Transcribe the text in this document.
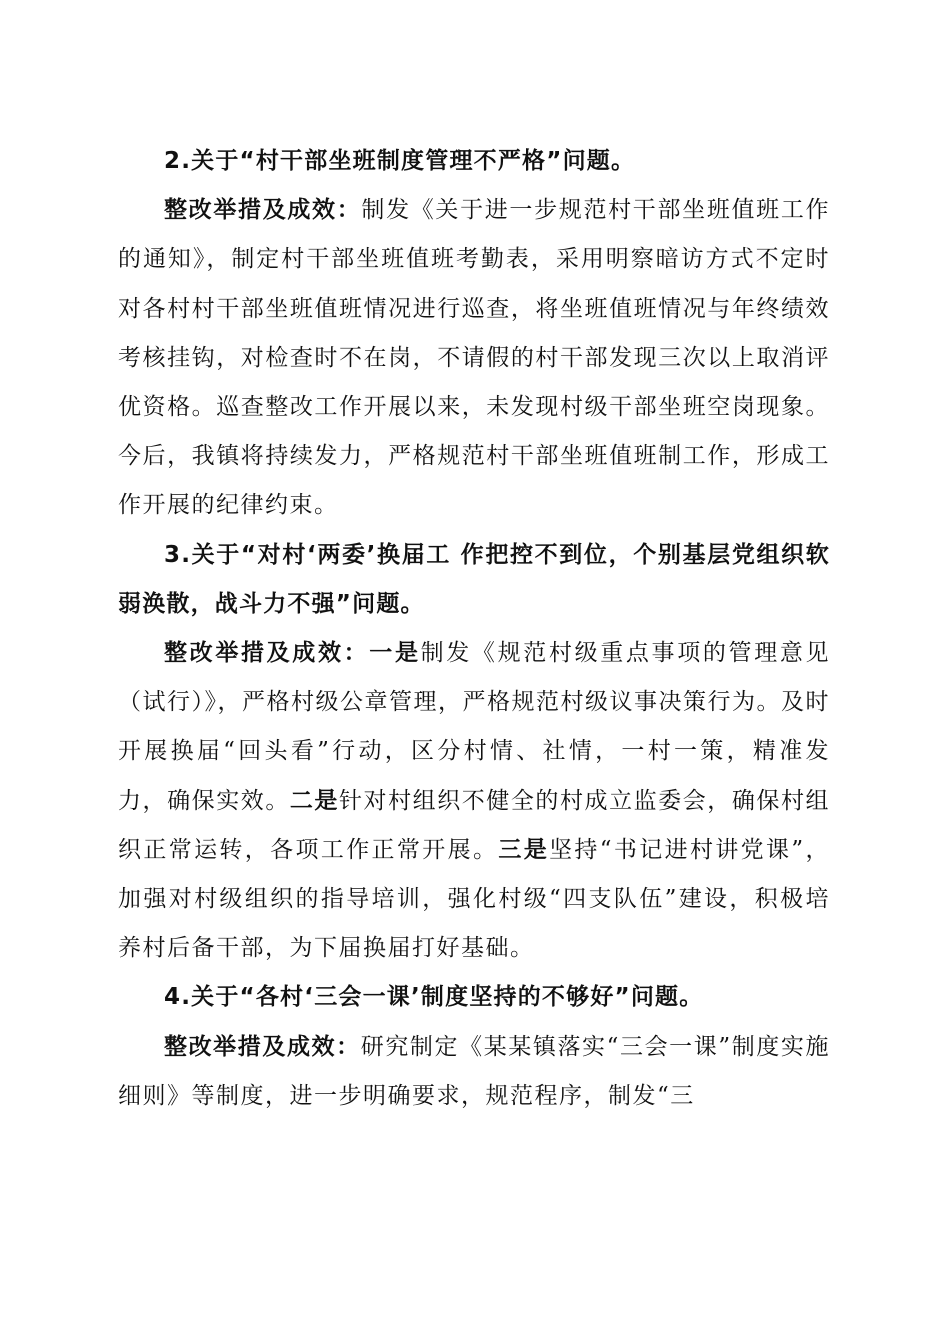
2.关于“村干部坐班制度管理不严格”问题。

整改举措及成效：制发《关于进一步规范村干部坐班值班工作的通知》，制定村干部坐班值班考勤表，采用明察暗访方式不定时对各村村干部坐班值班情况进行巡查，将坐班值班情况与年终绩效考核挂钩，对检查时不在岗，不请假的村干部发现三次以上取消评优资格。巡查整改工作开展以来，未发现村级干部坐班空岗现象。今后，我镇将持续发力，严格规范村干部坐班值班制工作，形成工作开展的纪律约束。

3.关于“对村‘两委’换届工 作把控不到位，个别基层党组织软弱涣散，战斗力不强”问题。

整改举措及成效：一是制发《规范村级重点事项的管理意见（试行）》，严格村级公章管理，严格规范村级议事决策行为。及时开展换届“回头看”行动，区分村情、社情，一村一策，精准发力，确保实效。二是针对村组织不健全的村成立监委会，确保村组织正常运转，各项工作正常开展。三是坚持“书记进村讲党课”，加强对村级组织的指导培训，强化村级“四支队伍”建设，积极培养村后备干部，为下届换届打好基础。

4.关于“各村‘三会一课’制度坚持的不够好”问题。

整改举措及成效：研究制定《某某镇落实“三会一课”制度实施细则》等制度，进一步明确要求，规范程序，制发“三
